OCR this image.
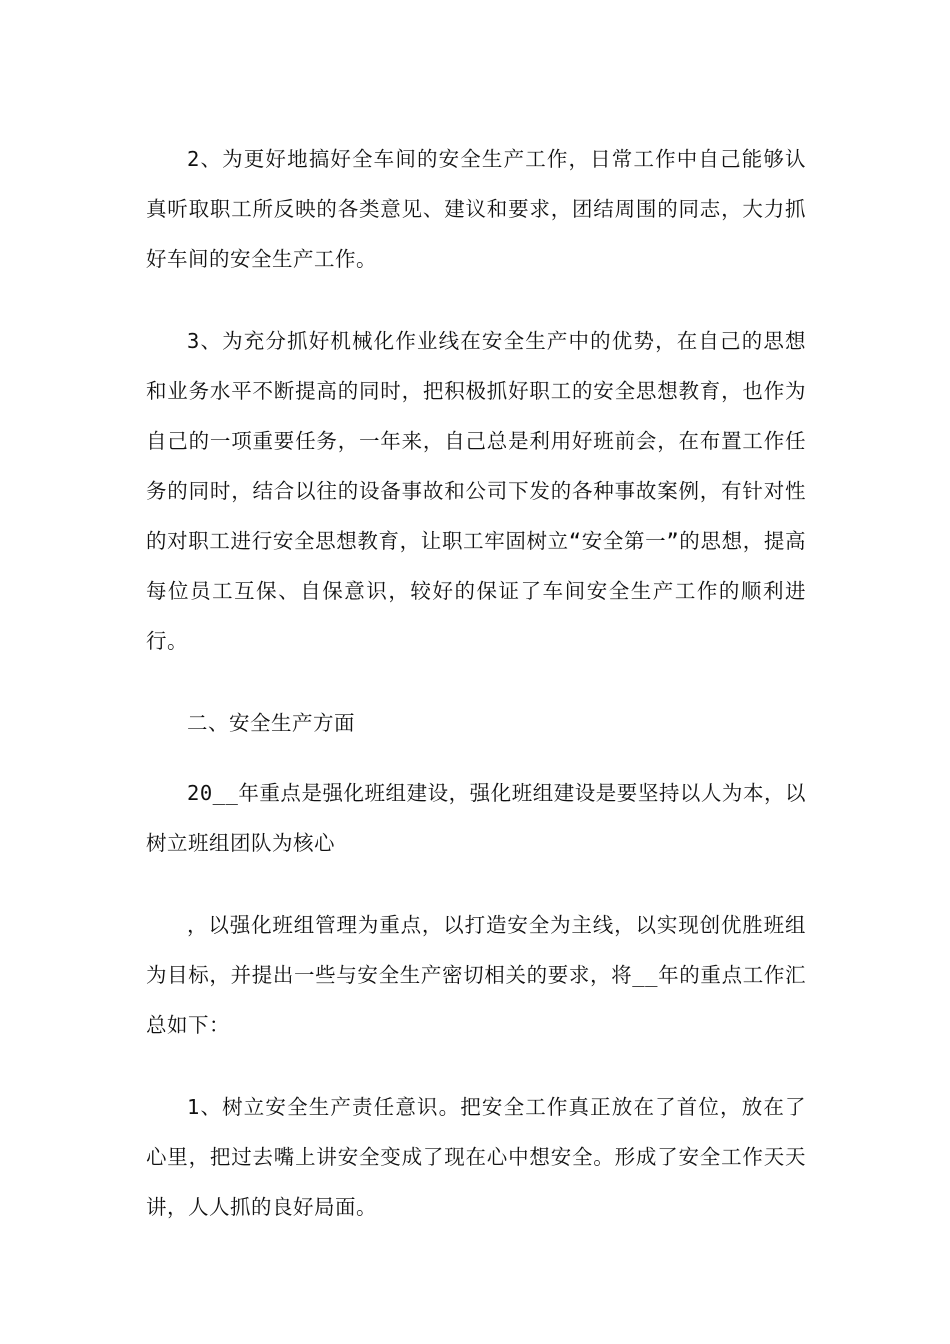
2、为更好地搞好全车间的安全生产工作，日常工作中自己能够认真听取职工所反映的各类意见、建议和要求，团结周围的同志，大力抓好车间的安全生产工作。

3、为充分抓好机械化作业线在安全生产中的优势，在自己的思想和业务水平不断提高的同时，把积极抓好职工的安全思想教育，也作为自己的一项重要任务，一年来，自己总是利用好班前会，在布置工作任务的同时，结合以往的设备事故和公司下发的各种事故案例，有针对性的对职工进行安全思想教育，让职工牢固树立“安全第一”的思想，提高每位员工互保、自保意识，较好的保证了车间安全生产工作的顺利进行。

二、安全生产方面

20__年重点是强化班组建设，强化班组建设是要坚持以人为本，以树立班组团队为核心

，以强化班组管理为重点，以打造安全为主线，以实现创优胜班组为目标，并提出一些与安全生产密切相关的要求，将__年的重点工作汇总如下：

1、树立安全生产责任意识。把安全工作真正放在了首位，放在了心里，把过去嘴上讲安全变成了现在心中想安全。形成了安全工作天天讲，人人抓的良好局面。
